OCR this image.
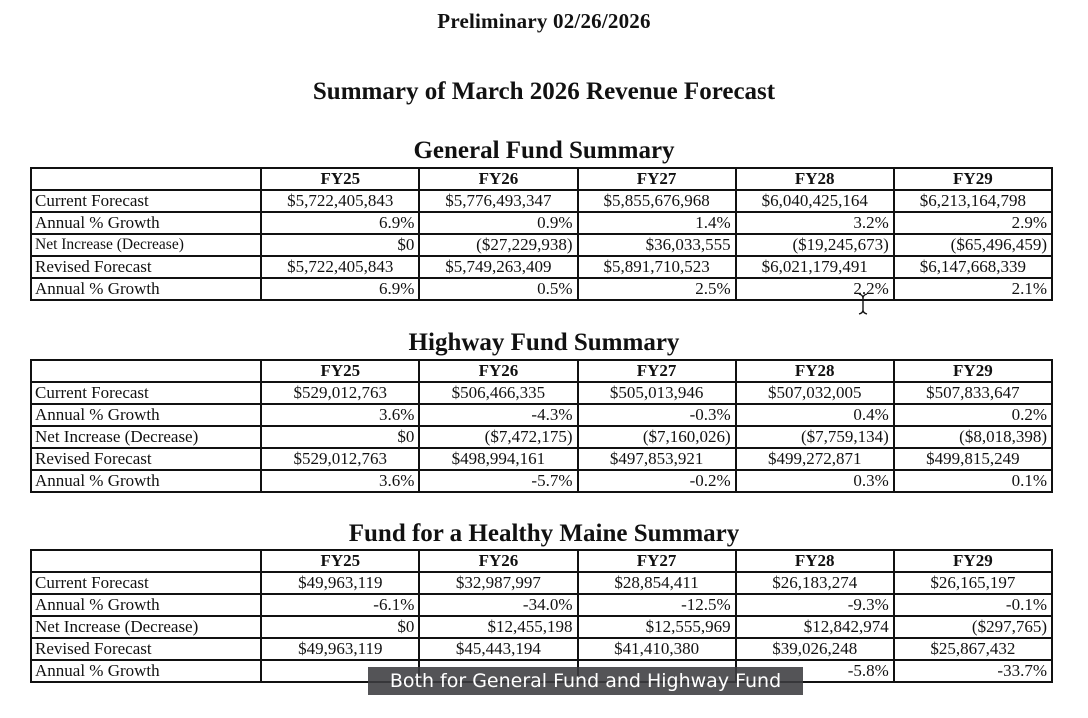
Preliminary 02/26/2026
Summary of March 2026 Revenue Forecast
General Fund Summary
	FY25	FY26	FY27	FY28	FY29
Current Forecast	$5,722,405,843	$5,776,493,347	$5,855,676,968	$6,040,425,164	$6,213,164,798
Annual % Growth	6.9%	0.9%	1.4%	3.2%	2.9%
Net Increase (Decrease)	$0	($27,229,938)	$36,033,555	($19,245,673)	($65,496,459)
Revised Forecast	$5,722,405,843	$5,749,263,409	$5,891,710,523	$6,021,179,491	$6,147,668,339
Annual % Growth	6.9%	0.5%	2.5%	2.2%	2.1%
Highway Fund Summary
	FY25	FY26	FY27	FY28	FY29
Current Forecast	$529,012,763	$506,466,335	$505,013,946	$507,032,005	$507,833,647
Annual % Growth	3.6%	-4.3%	-0.3%	0.4%	0.2%
Net Increase (Decrease)	$0	($7,472,175)	($7,160,026)	($7,759,134)	($8,018,398)
Revised Forecast	$529,012,763	$498,994,161	$497,853,921	$499,272,871	$499,815,249
Annual % Growth	3.6%	-5.7%	-0.2%	0.3%	0.1%
Fund for a Healthy Maine Summary
	FY25	FY26	FY27	FY28	FY29
Current Forecast	$49,963,119	$32,987,997	$28,854,411	$26,183,274	$26,165,197
Annual % Growth	-6.1%	-34.0%	-12.5%	-9.3%	-0.1%
Net Increase (Decrease)	$0	$12,455,198	$12,555,969	$12,842,974	($297,765)
Revised Forecast	$49,963,119	$45,443,194	$41,410,380	$39,026,248	$25,867,432
Annual % Growth				-5.8%	-33.7%
Both for General Fund and Highway Fund
